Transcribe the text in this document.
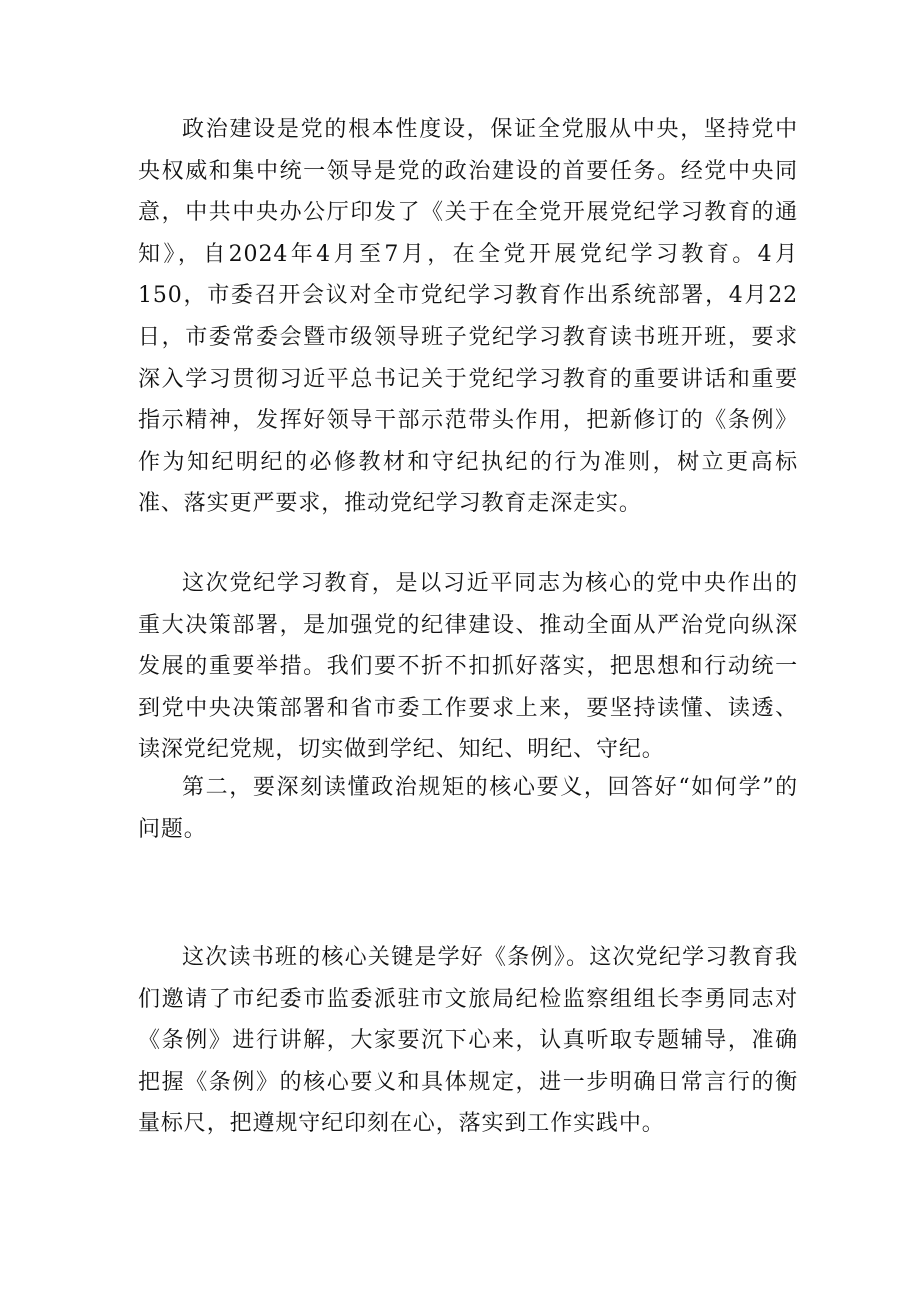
政治建设是党的根本性度设，保证全党服从中央，坚持党中央权威和集中统一领导是党的政治建设的首要任务。经党中央同意，中共中央办公厅印发了《关于在全党开展党纪学习教育的通知》，自2024年4月至7月，在全党开展党纪学习教育。4月150，市委召开会议对全市党纪学习教育作出系统部署，4月22日，市委常委会暨市级领导班子党纪学习教育读书班开班，要求深入学习贯彻习近平总书记关于党纪学习教育的重要讲话和重要指示精神，发挥好领导干部示范带头作用，把新修订的《条例》作为知纪明纪的必修教材和守纪执纪的行为准则，树立更高标准、落实更严要求，推动党纪学习教育走深走实。

这次党纪学习教育，是以习近平同志为核心的党中央作出的重大决策部署，是加强党的纪律建设、推动全面从严治党向纵深发展的重要举措。我们要不折不扣抓好落实，把思想和行动统一到党中央决策部署和省市委工作要求上来，要坚持读懂、读透、读深党纪党规，切实做到学纪、知纪、明纪、守纪。

第二，要深刻读懂政治规矩的核心要义，回答好“如何学”的问题。

这次读书班的核心关键是学好《条例》。这次党纪学习教育我们邀请了市纪委市监委派驻市文旅局纪检监察组组长李勇同志对《条例》进行讲解，大家要沉下心来，认真听取专题辅导，准确把握《条例》的核心要义和具体规定，进一步明确日常言行的衡量标尺，把遵规守纪印刻在心，落实到工作实践中。
